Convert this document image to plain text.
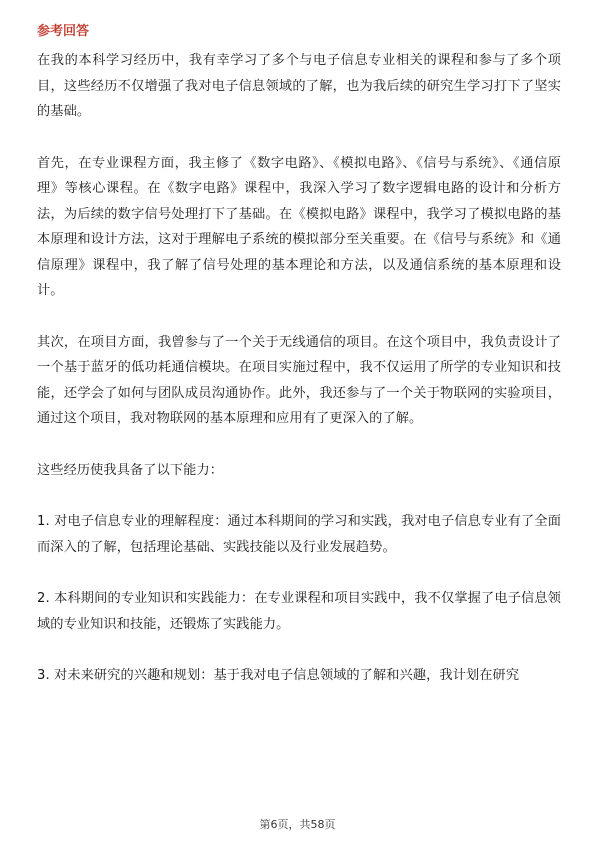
参考回答

在我的本科学习经历中，我有幸学习了多个与电子信息专业相关的课程和参与了多个项目，这些经历不仅增强了我对电子信息领域的了解，也为我后续的研究生学习打下了坚实的基础。

首先，在专业课程方面，我主修了《数字电路》、《模拟电路》、《信号与系统》、《通信原理》等核心课程。在《数字电路》课程中，我深入学习了数字逻辑电路的设计和分析方法，为后续的数字信号处理打下了基础。在《模拟电路》课程中，我学习了模拟电路的基本原理和设计方法，这对于理解电子系统的模拟部分至关重要。在《信号与系统》和《通信原理》课程中，我了解了信号处理的基本理论和方法，以及通信系统的基本原理和设计。

其次，在项目方面，我曾参与了一个关于无线通信的项目。在这个项目中，我负责设计了一个基于蓝牙的低功耗通信模块。在项目实施过程中，我不仅运用了所学的专业知识和技能，还学会了如何与团队成员沟通协作。此外，我还参与了一个关于物联网的实验项目，通过这个项目，我对物联网的基本原理和应用有了更深入的了解。

这些经历使我具备了以下能力：

1. 对电子信息专业的理解程度：通过本科期间的学习和实践，我对电子信息专业有了全面而深入的了解，包括理论基础、实践技能以及行业发展趋势。

2. 本科期间的专业知识和实践能力：在专业课程和项目实践中，我不仅掌握了电子信息领域的专业知识和技能，还锻炼了实践能力。

3. 对未来研究的兴趣和规划：基于我对电子信息领域的了解和兴趣，我计划在研究

第6页，共58页
